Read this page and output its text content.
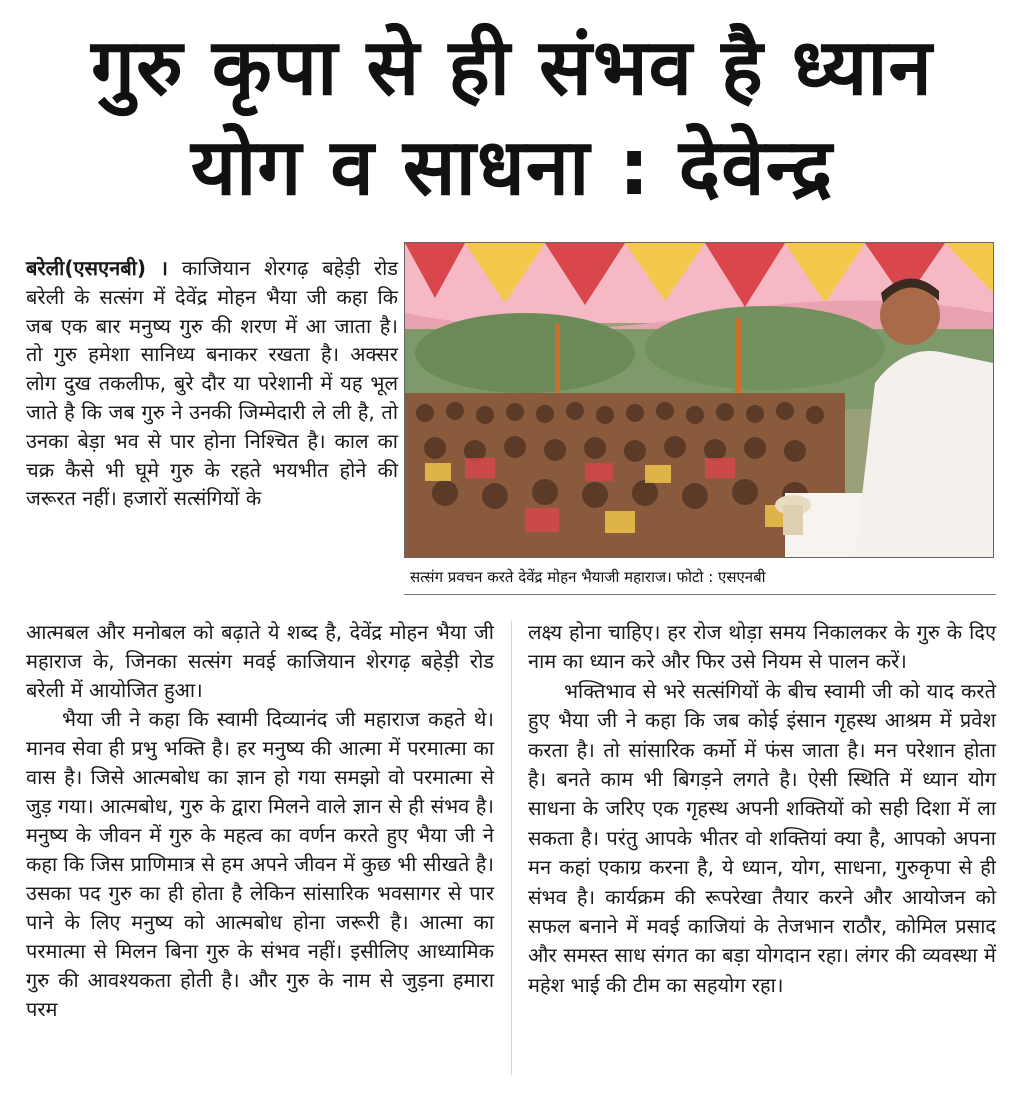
गुरु कृपा से ही संभव है ध्यान
योग व साधना : देवेन्द्र

बरेली(एसएनबी) । काजियान शेरगढ़ बहेड़ी रोड बरेली के सत्संग में देवेंद्र मोहन भैया जी कहा कि जब एक बार मनुष्य गुरु की शरण में आ जाता है। तो गुरु हमेशा सानिध्य बनाकर रखता है। अक्सर लोग दुख तकलीफ, बुरे दौर या परेशानी में यह भूल जाते है कि जब गुरु ने उनकी जिम्मेदारी ले ली है, तो उनका बेड़ा भव से पार होना निश्चित है। काल का चक्र कैसे भी घूमे गुरु के रहते भयभीत होने की जरूरत नहीं। हजारों सत्संगियों के

सत्संग प्रवचन करते देवेंद्र मोहन भैयाजी महाराज। फोटो : एसएनबी

आत्मबल और मनोबल को बढ़ाते ये शब्द है, देवेंद्र मोहन भैया जी महाराज के, जिनका सत्संग मवई काजियान शेरगढ़ बहेड़ी रोड बरेली में आयोजित हुआ।

भैया जी ने कहा कि स्वामी दिव्यानंद जी महाराज कहते थे। मानव सेवा ही प्रभु भक्ति है। हर मनुष्य की आत्मा में परमात्मा का वास है। जिसे आत्मबोध का ज्ञान हो गया समझो वो परमात्मा से जुड़ गया। आत्मबोध, गुरु के द्वारा मिलने वाले ज्ञान से ही संभव है। मनुष्य के जीवन में गुरु के महत्व का वर्णन करते हुए भैया जी ने कहा कि जिस प्राणिमात्र से हम अपने जीवन में कुछ भी सीखते है। उसका पद गुरु का ही होता है लेकिन सांसारिक भवसागर से पार पाने के लिए मनुष्य को आत्मबोध होना जरूरी है। आत्मा का परमात्मा से मिलन बिना गुरु के संभव नहीं। इसीलिए आध्यामिक गुरु की आवश्यकता होती है। और गुरु के नाम से जुड़ना हमारा परम

लक्ष्य होना चाहिए। हर रोज थोड़ा समय निकालकर के गुरु के दिए नाम का ध्यान करे और फिर उसे नियम से पालन करें।

भक्तिभाव से भरे सत्संगियों के बीच स्वामी जी को याद करते हुए भैया जी ने कहा कि जब कोई इंसान गृहस्थ आश्रम में प्रवेश करता है। तो सांसारिक कर्मो में फंस जाता है। मन परेशान होता है। बनते काम भी बिगड़ने लगते है। ऐसी स्थिति में ध्यान योग साधना के जरिए एक गृहस्थ अपनी शक्तियों को सही दिशा में ला सकता है। परंतु आपके भीतर वो शक्तियां क्या है, आपको अपना मन कहां एकाग्र करना है, ये ध्यान, योग, साधना, गुरुकृपा से ही संभव है। कार्यक्रम की रूपरेखा तैयार करने और आयोजन को सफल बनाने में मवई काजियां के तेजभान राठौर, कोमिल प्रसाद और समस्त साध संगत का बड़ा योगदान रहा। लंगर की व्यवस्था में महेश भाई की टीम का सहयोग रहा।
